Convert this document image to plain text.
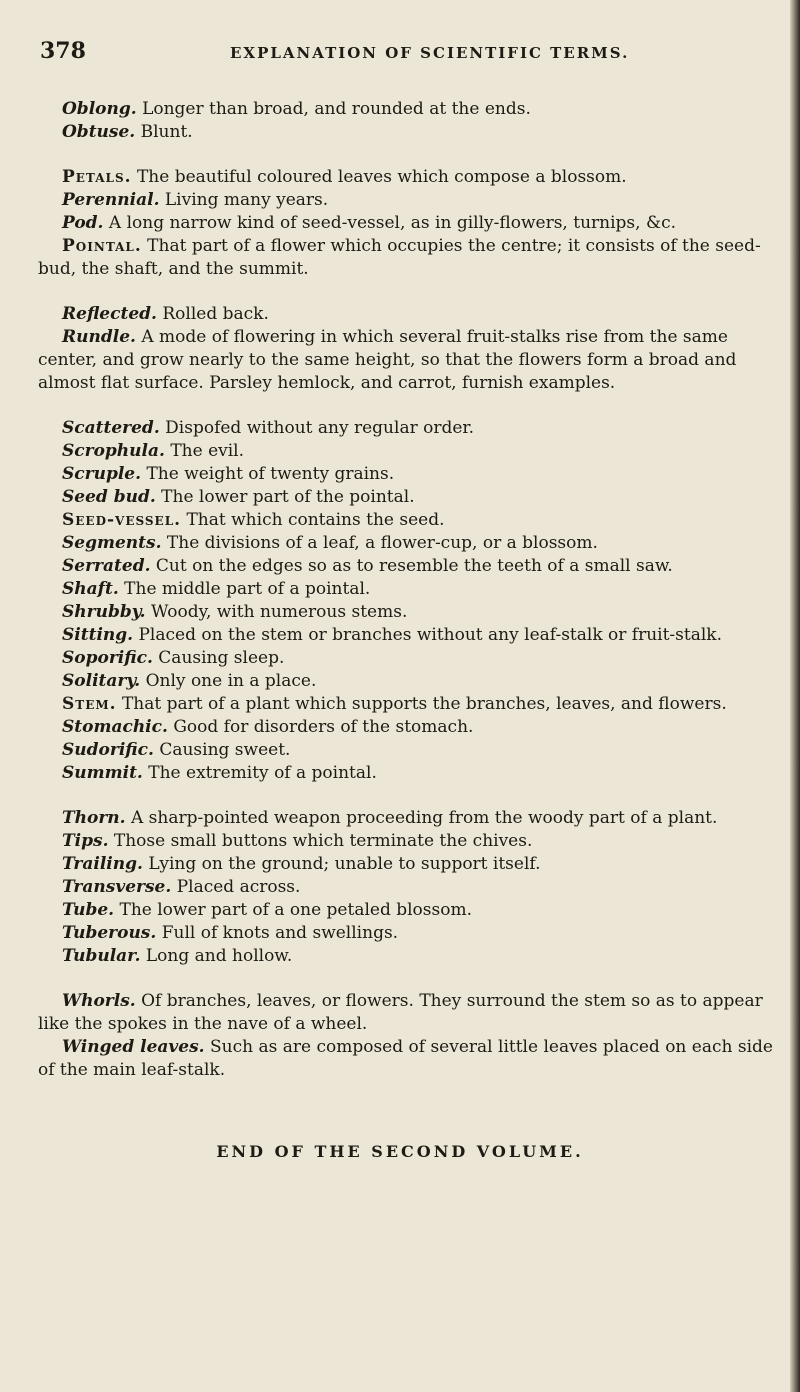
378	EXPLANATION OF SCIENTIFIC TERMS.

Oblong. Longer than broad, and rounded at the ends.

Obtuse. Blunt.

Petals. The beautiful coloured leaves which compose a blossom.

Perennial. Living many years.

Pod. A long narrow kind of seed-vessel, as in gilly-flowers, turnips, &c.

Pointal. That part of a flower which occupies the centre; it consists of the seed-bud, the shaft, and the summit.

Reflected. Rolled back.

Rundle. A mode of flowering in which several fruit-stalks rise from the same center, and grow nearly to the same height, so that the flowers form a broad and almost flat surface. Parsley hemlock, and carrot, furnish examples.

Scattered. Dispofed without any regular order.

Scrophula. The evil.

Scruple. The weight of twenty grains.

Seed bud. The lower part of the pointal.

Seed-vessel. That which contains the seed.

Segments. The divisions of a leaf, a flower-cup, or a blossom.

Serrated. Cut on the edges so as to resemble the teeth of a small saw.

Shaft. The middle part of a pointal.

Shrubby. Woody, with numerous stems.

Sitting. Placed on the stem or branches without any leaf-stalk or fruit-stalk.

Soporific. Causing sleep.

Solitary. Only one in a place.

Stem. That part of a plant which supports the branches, leaves, and flowers.

Stomachic. Good for disorders of the stomach.

Sudorific. Causing sweet.

Summit. The extremity of a pointal.

Thorn. A sharp-pointed weapon proceeding from the woody part of a plant.

Tips. Those small buttons which terminate the chives.

Trailing. Lying on the ground; unable to support itself.

Transverse. Placed across.

Tube. The lower part of a one petaled blossom.

Tuberous. Full of knots and swellings.

Tubular. Long and hollow.

Whorls. Of branches, leaves, or flowers. They surround the stem so as to appear like the spokes in the nave of a wheel.

Winged leaves. Such as are composed of several little leaves placed on each side of the main leaf-stalk.

END OF THE SECOND VOLUME.
